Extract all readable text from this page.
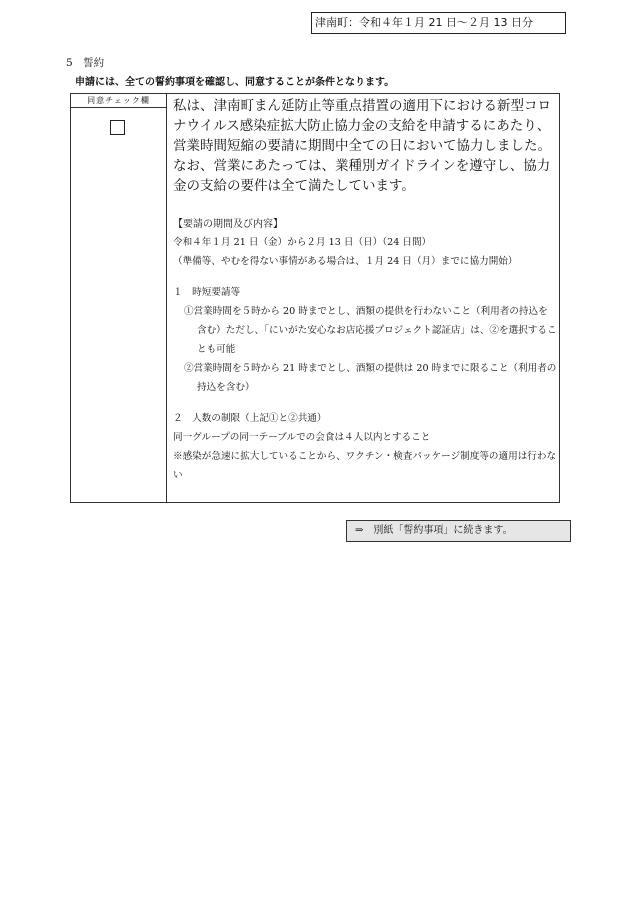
津南町：令和４年１月 21 日～２月 13 日分
5　誓約
申請には、全ての誓約事項を確認し、同意することが条件となります。
同意チェック欄	私は、津南町まん延防止等重点措置の適用下における新型コロナウイルス感染症拡大防止協力金の支給を申請するにあたり、営業時間短縮の要請に期間中全ての日において協力しました。なお、営業にあたっては、業種別ガイドラインを遵守し、協力金の支給の要件は全て満たしています。

【要請の期間及び内容】

令和４年１月 21 日（金）から２月 13 日（日）（24 日間）

（準備等、やむを得ない事情がある場合は、１月 24 日（月）までに協力開始）

１　時短要請等

①営業時間を５時から 20 時までとし、酒類の提供を行わないこと（利用者の持込を含む）ただし、「にいがた安心なお店応援プロジェクト認証店」は、②を選択することも可能

②営業時間を５時から 21 時までとし、酒類の提供は 20 時までに限ること（利用者の持込を含む）

２　人数の制限（上記①と②共通）

同一グループの同一テーブルでの会食は４人以内とすること

※感染が急速に拡大していることから、ワクチン・検査パッケージ制度等の適用は行わない

⇒　別紙「誓約事項」に続きます。
